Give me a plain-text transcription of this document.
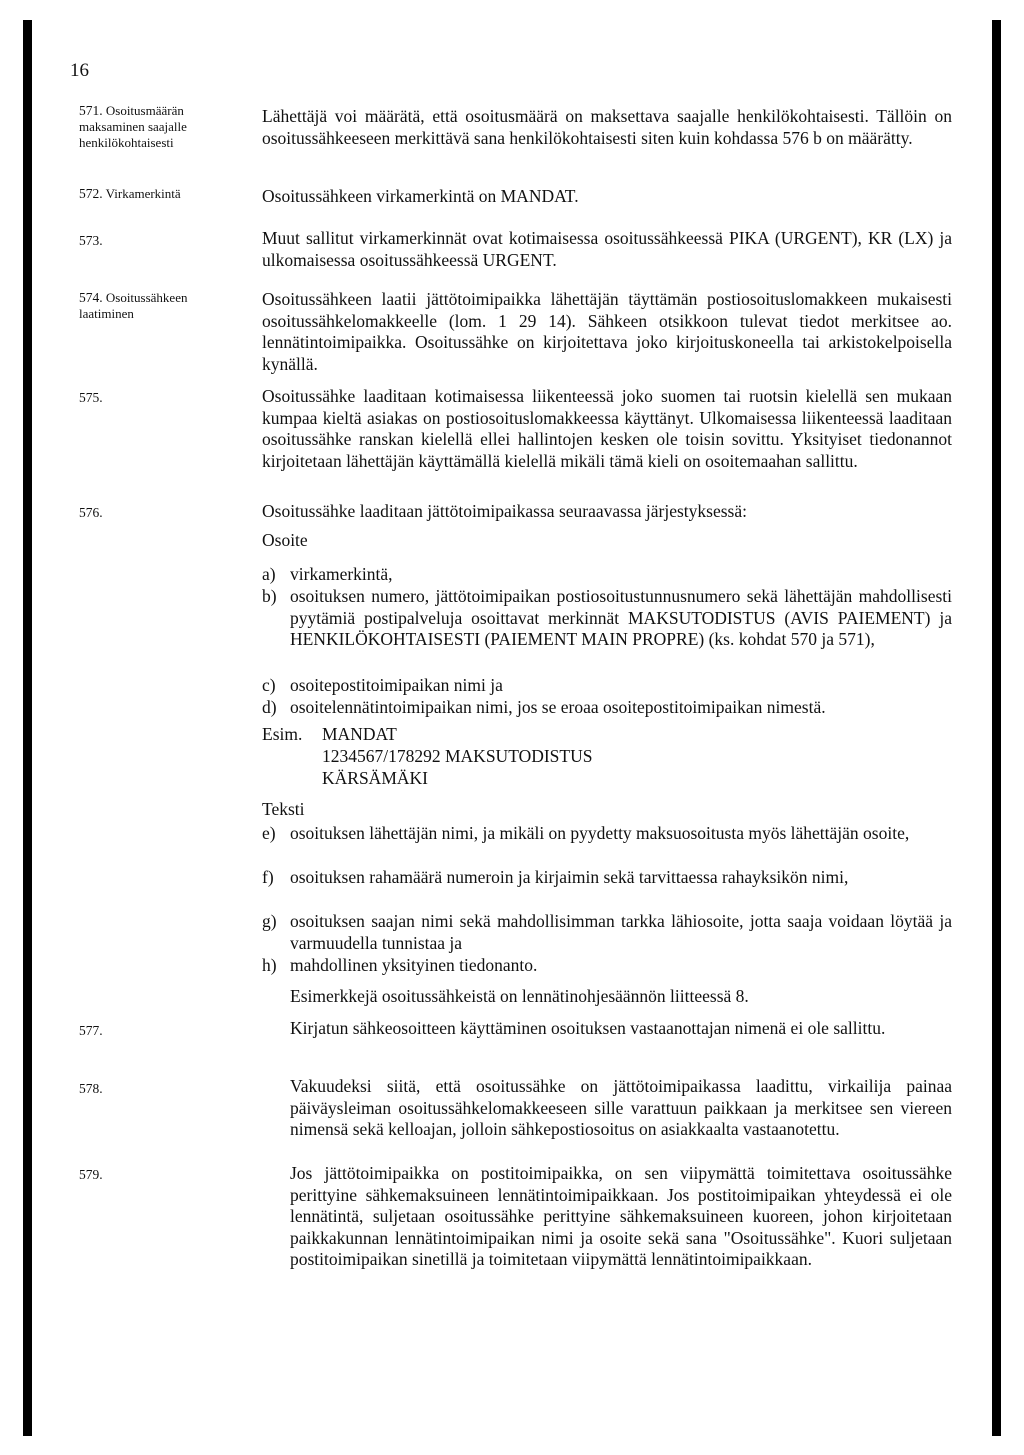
16
571. Osoitusmäärän
maksaminen saajalle
henkilökohtaisesti

Lähettäjä voi määrätä, että osoitusmäärä on maksettava saajalle henkilökohtaisesti. Tällöin on osoitussähkeeseen merkittävä sana henkilökohtaisesti siten kuin kohdassa 576 b on määrätty.

572. Virkamerkintä	Osoitussähkeen virkamerkintä on MANDAT.
573.	Muut sallitut virkamerkinnät ovat kotimaisessa osoitussähkeessä PIKA (URGENT), KR (LX) ja ulkomaisessa osoitussähkeessä URGENT.

574. Osoitussähkeen
laatiminen

Osoitussähkeen laatii jättötoimipaikka lähettäjän täyttämän postiosoituslomakkeen mukaisesti osoitussähkelomakkeelle (lom. 1 29 14). Sähkeen otsikkoon tulevat tiedot merkitsee ao. lennätintoimipaikka. Osoitussähke on kirjoitettava joko kirjoituskoneella tai arkistokelpoisella kynällä.

575.	Osoitussähke laaditaan kotimaisessa liikenteessä joko suomen tai ruotsin kielellä sen mukaan kumpaa kieltä asiakas on postiosoituslomakkeessa käyttänyt. Ulkomaisessa liikenteessä laaditaan osoitussähke ranskan kielellä ellei hallintojen kesken ole toisin sovittu. Yksityiset tiedonannot kirjoitetaan lähettäjän käyttämällä kielellä mikäli tämä kieli on osoitemaahan sallittu.

576.	Osoitussähke laaditaan jättötoimipaikassa seuraavassa järjestyksessä:
Osoite
a) virkamerkintä,
b) osoituksen numero, jättötoimipaikan postiosoitustunnusnumero sekä lähettäjän mahdollisesti pyytämiä postipalveluja osoittavat merkinnät MAKSUTODISTUS (AVIS PAIEMENT) ja HENKILÖKOHTAISESTI (PAIEMENT MAIN PROPRE) (ks. kohdat 570 ja 571),
c) osoitepostitoimipaikan nimi ja
d) osoitelennätintoimipaikan nimi, jos se eroaa osoitepostitoimipaikan nimestä.
Esim. MANDAT
1234567/178292 MAKSUTODISTUS
KÄRSÄMÄKI
Teksti
e) osoituksen lähettäjän nimi, ja mikäli on pyydetty maksuosoitusta myös lähettäjän osoite,
f) osoituksen rahamäärä numeroin ja kirjaimin sekä tarvittaessa rahayksikön nimi,
g) osoituksen saajan nimi sekä mahdollisimman tarkka lähiosoite, jotta saaja voidaan löytää ja varmuudella tunnistaa ja
h) mahdollinen yksityinen tiedonanto.
Esimerkkejä osoitussähkeistä on lennätinohjesäännön liitteessä 8.
577.	Kirjatun sähkeosoitteen käyttäminen osoituksen vastaanottajan nimenä ei ole sallittu.

578.	Vakuudeksi siitä, että osoitussähke on jättötoimipaikassa laadittu, virkailija painaa päiväysleiman osoitussähkelomakkeeseen sille varattuun paikkaan ja merkitsee sen viereen nimensä sekä kelloajan, jolloin sähkepostiosoitus on asiakkaalta vastaanotettu.

579.	Jos jättötoimipaikka on postitoimipaikka, on sen viipymättä toimitettava osoitussähke perittyine sähkemaksuineen lennätintoimipaikkaan. Jos postitoimipaikan yhteydessä ei ole lennätintä, suljetaan osoitussähke perittyine sähkemaksuineen kuoreen, johon kirjoitetaan paikkakunnan lennätintoimipaikan nimi ja osoite sekä sana "Osoitussähke". Kuori suljetaan postitoimipaikan sinetillä ja toimitetaan viipymättä lennätintoimipaikkaan.
